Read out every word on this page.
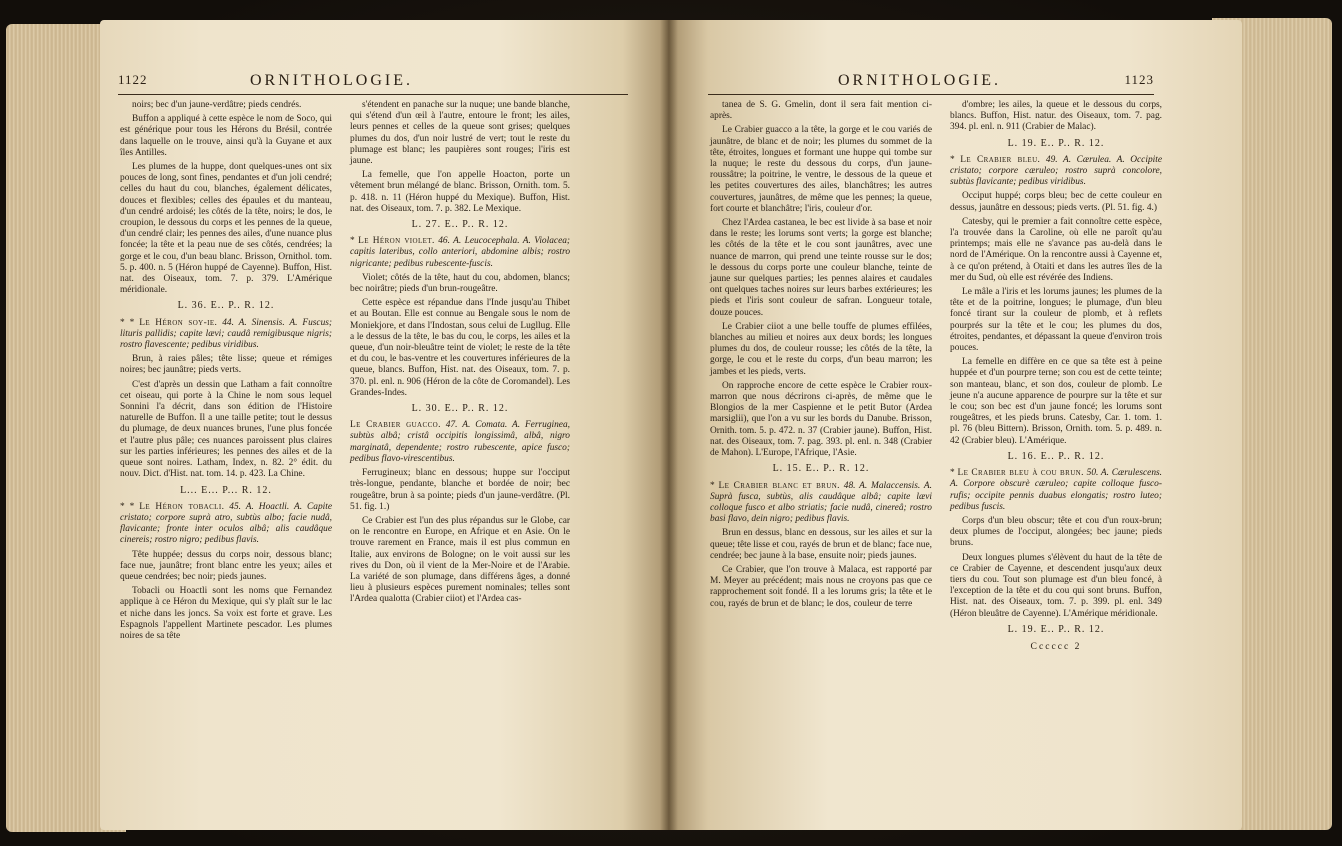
1122	ORNITHOLOGIE.

noirs; bec d'un jaune-verdâtre; pieds cendrés.

Buffon a appliqué à cette espèce le nom de Soco, qui est générique pour tous les Hérons du Brésil, contrée dans laquelle on le trouve, ainsi qu'à la Guyane et aux îles Antilles.

Les plumes de la huppe, dont quelques-unes ont six pouces de long, sont fines, pendantes et d'un joli cendré; celles du haut du cou, blanches, également délicates, douces et flexibles; celles des épaules et du manteau, d'un cendré ardoisé; les côtés de la tête, noirs; le dos, le croupion, le dessous du corps et les pennes de la queue, d'un cendré clair; les pennes des ailes, d'une nuance plus foncée; la tête et la peau nue de ses côtés, cendrées; la gorge et le cou, d'un beau blanc. Brisson, Ornithol. tom. 5. p. 400. n. 5 (Héron huppé de Cayenne). Buffon, Hist. nat. des Oiseaux, tom. 7. p. 379. L'Amérique méridionale.

L. 36. E.. P.. R. 12.

* * Le Héron soy-ie. 44. A. Sinensis. A. Fuscus; lituris pallidis; capite lævi; caudâ remigibusque nigris; rostro flavescente; pedibus viridibus.

Brun, à raies pâles; tête lisse; queue et rémiges noires; bec jaunâtre; pieds verts.

C'est d'après un dessin que Latham a fait connoître cet oiseau, qui porte à la Chine le nom sous lequel Sonnini l'a décrit, dans son édition de l'Histoire naturelle de Buffon. Il a une taille petite; tout le dessus du plumage, de deux nuances brunes, l'une plus foncée et l'autre plus pâle; ces nuances paroissent plus claires sur les parties inférieures; les pennes des ailes et de la queue sont noires. Latham, Index, n. 82. 2° édit. du nouv. Dict. d'Hist. nat. tom. 14. p. 423. La Chine.

L... E... P... R. 12.

* * Le Héron tobacli. 45. A. Hoactli. A. Capite cristato; corpore suprà atro, subtùs albo; facie nudâ, flavicante; fronte inter oculos albâ; alis caudâque cinereis; rostro nigro; pedibus flavis.

Tête huppée; dessus du corps noir, dessous blanc; face nue, jaunâtre; front blanc entre les yeux; ailes et queue cendrées; bec noir; pieds jaunes.

Tobacli ou Hoactli sont les noms que Fernandez applique à ce Héron du Mexique, qui s'y plaît sur le lac et niche dans les joncs. Sa voix est forte et grave. Les Espagnols l'appellent Martinete pescador. Les plumes noires de sa tête

s'étendent en panache sur la nuque; une bande blanche, qui s'étend d'un œil à l'autre, entoure le front; les ailes, leurs pennes et celles de la queue sont grises; quelques plumes du dos, d'un noir lustré de vert; tout le reste du plumage est blanc; les paupières sont rouges; l'iris est jaune.

La femelle, que l'on appelle Hoacton, porte un vêtement brun mélangé de blanc. Brisson, Ornith. tom. 5. p. 418. n. 11 (Héron huppé du Mexique). Buffon, Hist. nat. des Oiseaux, tom. 7. p. 382. Le Mexique.

L. 27. E.. P.. R. 12.

* Le Héron violet. 46. A. Leucocephala. A. Violacea; capitis lateribus, collo anteriori, abdomine albis; rostro nigricante; pedibus rubescente-fuscis.

Violet; côtés de la tête, haut du cou, abdomen, blancs; bec noirâtre; pieds d'un brun-rougeâtre.

Cette espèce est répandue dans l'Inde jusqu'au Thibet et au Boutan. Elle est connue au Bengale sous le nom de Moniekjore, et dans l'Indostan, sous celui de Lugllug. Elle a le dessus de la tête, le bas du cou, le corps, les ailes et la queue, d'un noir-bleuâtre teint de violet; le reste de la tête et du cou, le bas-ventre et les couvertures inférieures de la queue, blancs. Buffon, Hist. nat. des Oiseaux, tom. 7. p. 370. pl. enl. n. 906 (Héron de la côte de Coromandel). Les Grandes-Indes.

L. 30. E.. P.. R. 12.

Le Crabier guacco. 47. A. Comata. A. Ferruginea, subtùs albâ; cristâ occipitis longissimâ, albâ, nigro marginatâ, dependente; rostro rubescente, apice fusco; pedibus flavo-virescentibus.

Ferrugineux; blanc en dessous; huppe sur l'occiput très-longue, pendante, blanche et bordée de noir; bec rougeâtre, brun à sa pointe; pieds d'un jaune-verdâtre. (Pl. 51. fig. 1.)

Ce Crabier est l'un des plus répandus sur le Globe, car on le rencontre en Europe, en Afrique et en Asie. On le trouve rarement en France, mais il est plus commun en Italie, aux environs de Bologne; on le voit aussi sur les rives du Don, où il vient de la Mer-Noire et de l'Arabie. La variété de son plumage, dans différens âges, a donné lieu à plusieurs espèces purement nominales; telles sont l'Ardea qualotta (Crabier ciiot) et l'Ardea cas-

ORNITHOLOGIE.	1123

tanea de S. G. Gmelin, dont il sera fait mention ci-après.

Le Crabier guacco a la tête, la gorge et le cou variés de jaunâtre, de blanc et de noir; les plumes du sommet de la tête, étroites, longues et formant une huppe qui tombe sur la nuque; le reste du dessous du corps, d'un jaune-roussâtre; la poitrine, le ventre, le dessous de la queue et les petites couvertures des ailes, blanchâtres; les autres couvertures, jaunâtres, de même que les pennes; la queue, fort courte et blanchâtre; l'iris, couleur d'or.

Chez l'Ardea castanea, le bec est livide à sa base et noir dans le reste; les lorums sont verts; la gorge est blanche; les côtés de la tête et le cou sont jaunâtres, avec une nuance de marron, qui prend une teinte rousse sur le dos; le dessous du corps porte une couleur blanche, teinte de jaune sur quelques parties; les pennes alaires et caudales ont quelques taches noires sur leurs barbes extérieures; les pieds et l'iris sont couleur de safran. Longueur totale, douze pouces.

Le Crabier ciiot a une belle touffe de plumes effilées, blanches au milieu et noires aux deux bords; les longues plumes du dos, de couleur rousse; les côtés de la tête, la gorge, le cou et le reste du corps, d'un beau marron; les jambes et les pieds, verts.

On rapproche encore de cette espèce le Crabier roux-marron que nous décrirons ci-après, de même que le Blongios de la mer Caspienne et le petit Butor (Ardea marsiglii), que l'on a vu sur les bords du Danube. Brisson, Ornith. tom. 5. p. 472. n. 37 (Crabier jaune). Buffon, Hist. nat. des Oiseaux, tom. 7. pag. 393. pl. enl. n. 348 (Crabier de Mahon). L'Europe, l'Afrique, l'Asie.

L. 15. E.. P.. R. 12.

* Le Crabier blanc et brun. 48. A. Malaccensis. A. Suprà fusca, subtùs, alis caudâque albâ; capite lævi colloque fusco et albo striatis; facie nudâ, cinereâ; rostro basi flavo, dein nigro; pedibus flavis.

Brun en dessus, blanc en dessous, sur les ailes et sur la queue; tête lisse et cou, rayés de brun et de blanc; face nue, cendrée; bec jaune à la base, ensuite noir; pieds jaunes.

Ce Crabier, que l'on trouve à Malaca, est rapporté par M. Meyer au précédent; mais nous ne croyons pas que ce rapprochement soit fondé. Il a les lorums gris; la tête et le cou, rayés de brun et de blanc; le dos, couleur de terre

d'ombre; les ailes, la queue et le dessous du corps, blancs. Buffon, Hist. natur. des Oiseaux, tom. 7. pag. 394. pl. enl. n. 911 (Crabier de Malac).

L. 19. E.. P.. R. 12.

* Le Crabier bleu. 49. A. Cærulea. A. Occipite cristato; corpore cæruleo; rostro suprà concolore, subtùs flavicante; pedibus viridibus.

Occiput huppé; corps bleu; bec de cette couleur en dessus, jaunâtre en dessous; pieds verts. (Pl. 51. fig. 4.)

Catesby, qui le premier a fait connoître cette espèce, l'a trouvée dans la Caroline, où elle ne paroît qu'au printemps; mais elle ne s'avance pas au-delà dans le nord de l'Amérique. On la rencontre aussi à Cayenne et, à ce qu'on prétend, à Otaiti et dans les autres îles de la mer du Sud, où elle est révérée des Indiens.

Le mâle a l'iris et les lorums jaunes; les plumes de la tête et de la poitrine, longues; le plumage, d'un bleu foncé tirant sur la couleur de plomb, et à reflets pourprés sur la tête et le cou; les plumes du dos, étroites, pendantes, et dépassant la queue d'environ trois pouces.

La femelle en diffère en ce que sa tête est à peine huppée et d'un pourpre terne; son cou est de cette teinte; son manteau, blanc, et son dos, couleur de plomb. Le jeune n'a aucune apparence de pourpre sur la tête et sur le cou; son bec est d'un jaune foncé; les lorums sont rougeâtres, et les pieds bruns. Catesby, Car. 1. tom. 1. pl. 76 (bleu Bittern). Brisson, Ornith. tom. 5. p. 489. n. 42 (Crabier bleu). L'Amérique.

L. 16. E.. P.. R. 12.

* Le Crabier bleu à cou brun. 50. A. Cærulescens. A. Corpore obscurè cæruleo; capite colloque fusco-rufis; occipite pennis duabus elongatis; rostro luteo; pedibus fuscis.

Corps d'un bleu obscur; tête et cou d'un roux-brun; deux plumes de l'occiput, alongées; bec jaune; pieds bruns.

Deux longues plumes s'élèvent du haut de la tête de ce Crabier de Cayenne, et descendent jusqu'aux deux tiers du cou. Tout son plumage est d'un bleu foncé, à l'exception de la tête et du cou qui sont bruns. Buffon, Hist. nat. des Oiseaux, tom. 7. p. 399. pl. enl. 349 (Héron bleuâtre de Cayenne). L'Amérique méridionale.

L. 19. E.. P.. R. 12.

Cccccc 2
